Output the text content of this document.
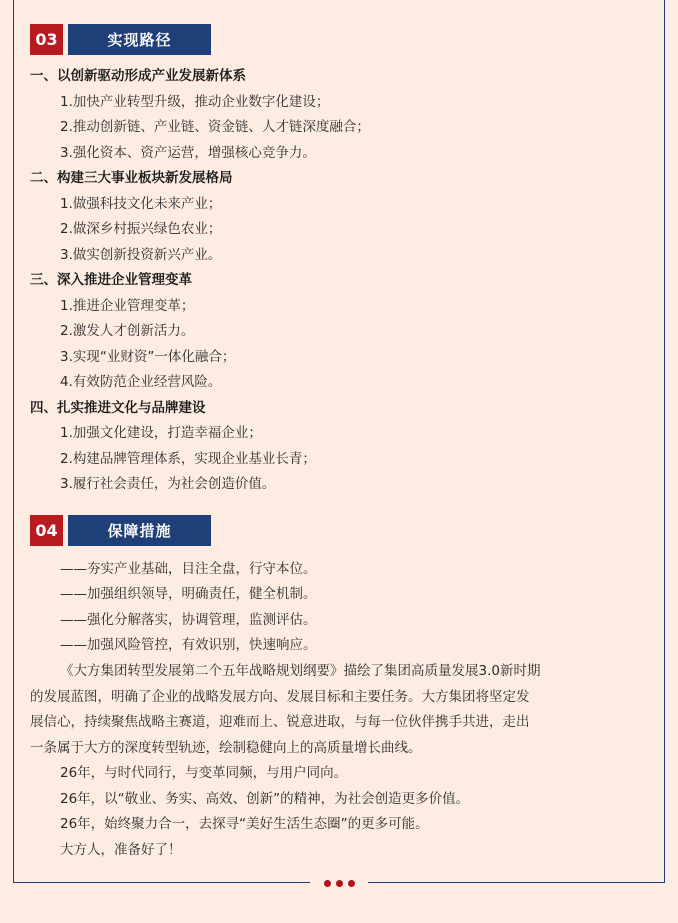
03	实现路径
一、以创新驱动形成产业发展新体系
1.加快产业转型升级，推动企业数字化建设；
2.推动创新链、产业链、资金链、人才链深度融合；
3.强化资本、资产运营，增强核心竞争力。
二、构建三大事业板块新发展格局
1.做强科技文化未来产业；
2.做深乡村振兴绿色农业；
3.做实创新投资新兴产业。
三、深入推进企业管理变革
1.推进企业管理变革；
2.激发人才创新活力。
3.实现“业财资”一体化融合；
4.有效防范企业经营风险。
四、扎实推进文化与品牌建设
1.加强文化建设，打造幸福企业；
2.构建品牌管理体系，实现企业基业长青；
3.履行社会责任，为社会创造价值。
04	保障措施
——夯实产业基础，目注全盘，行守本位。
——加强组织领导，明确责任，健全机制。
——强化分解落实，协调管理，监测评估。
——加强风险管控，有效识别，快速响应。
《大方集团转型发展第二个五年战略规划纲要》描绘了集团高质量发展3.0新时期
的发展蓝图，明确了企业的战略发展方向、发展目标和主要任务。大方集团将坚定发
展信心，持续聚焦战略主赛道，迎难而上、锐意进取，与每一位伙伴携手共进，走出
一条属于大方的深度转型轨迹，绘制稳健向上的高质量增长曲线。
26年，与时代同行，与变革同频，与用户同向。
26年，以“敬业、务实、高效、创新”的精神，为社会创造更多价值。
26年，始终聚力合一，去探寻“美好生活生态圈”的更多可能。
大方人，准备好了！
